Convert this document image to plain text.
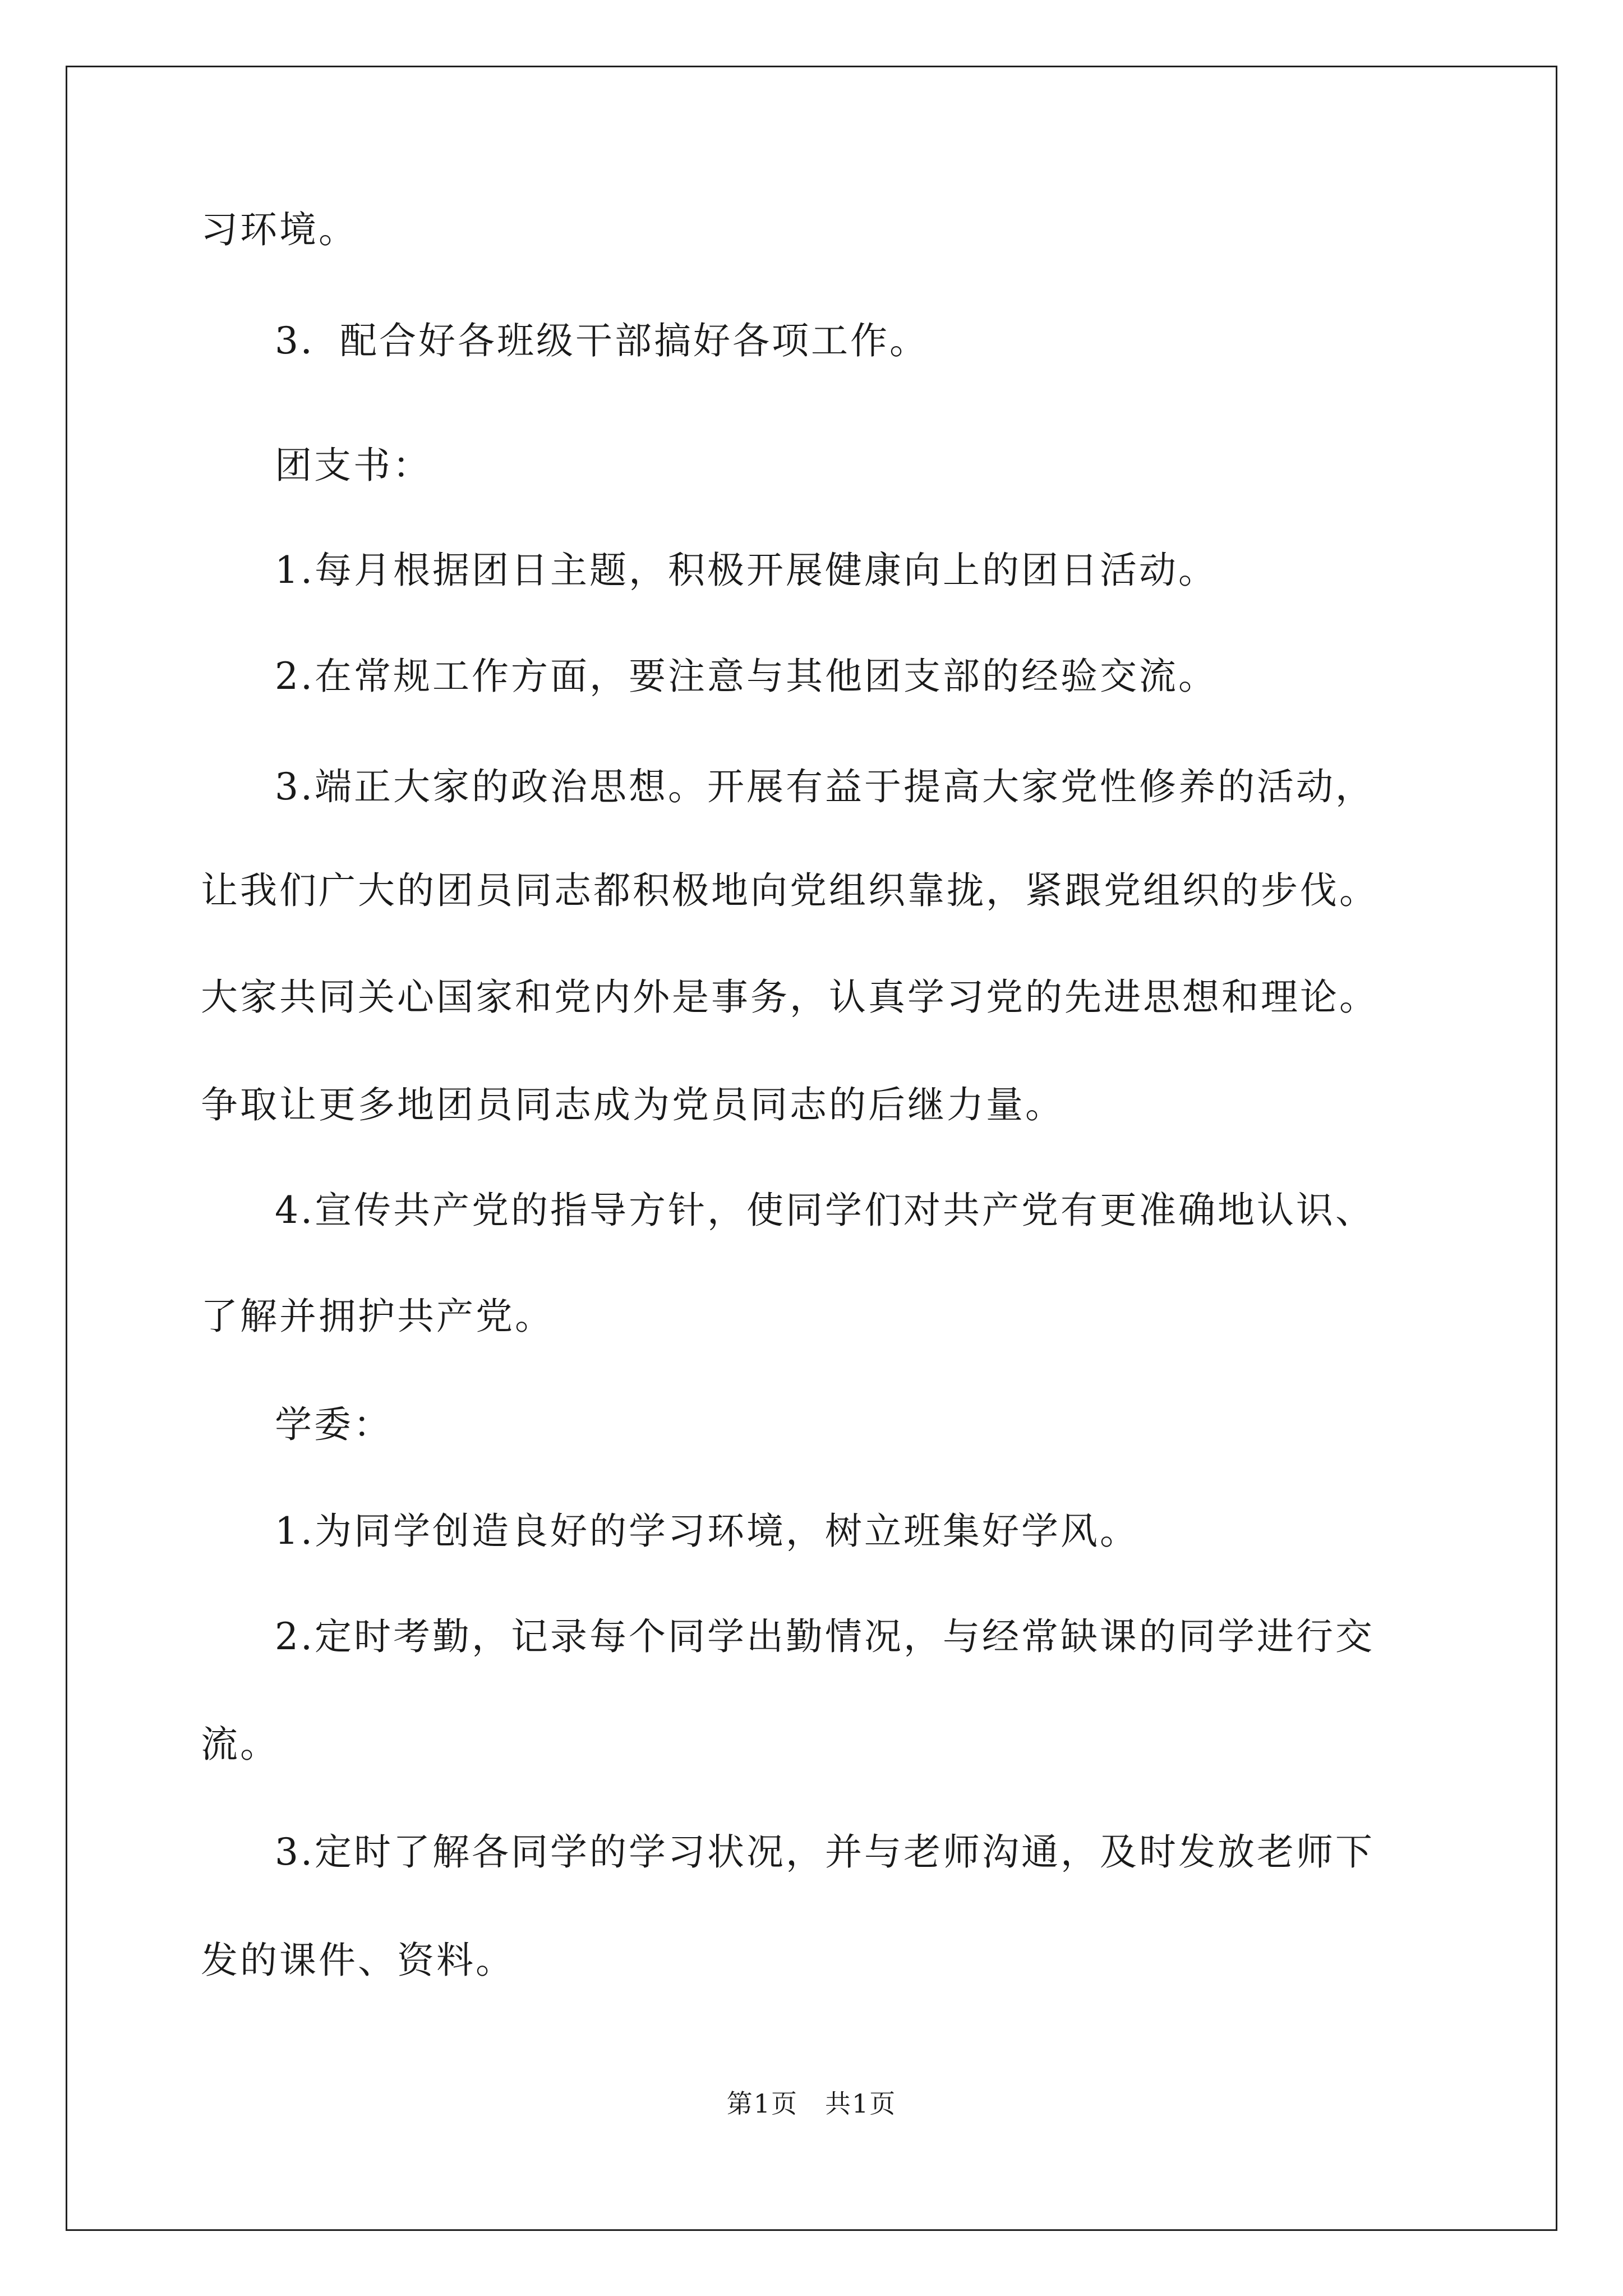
习环境。
3．配合好各班级干部搞好各项工作。
团支书：
1.每月根据团日主题，积极开展健康向上的团日活动。
2.在常规工作方面，要注意与其他团支部的经验交流。
3.端正大家的政治思想。开展有益于提高大家党性修养的活动，
让我们广大的团员同志都积极地向党组织靠拢，紧跟党组织的步伐。
大家共同关心国家和党内外是事务，认真学习党的先进思想和理论。
争取让更多地团员同志成为党员同志的后继力量。
4.宣传共产党的指导方针，使同学们对共产党有更准确地认识、
了解并拥护共产党。
学委：
1.为同学创造良好的学习环境，树立班集好学风。
2.定时考勤，记录每个同学出勤情况，与经常缺课的同学进行交
流。
3.定时了解各同学的学习状况，并与老师沟通，及时发放老师下
发的课件、资料。
第1页　共1页
